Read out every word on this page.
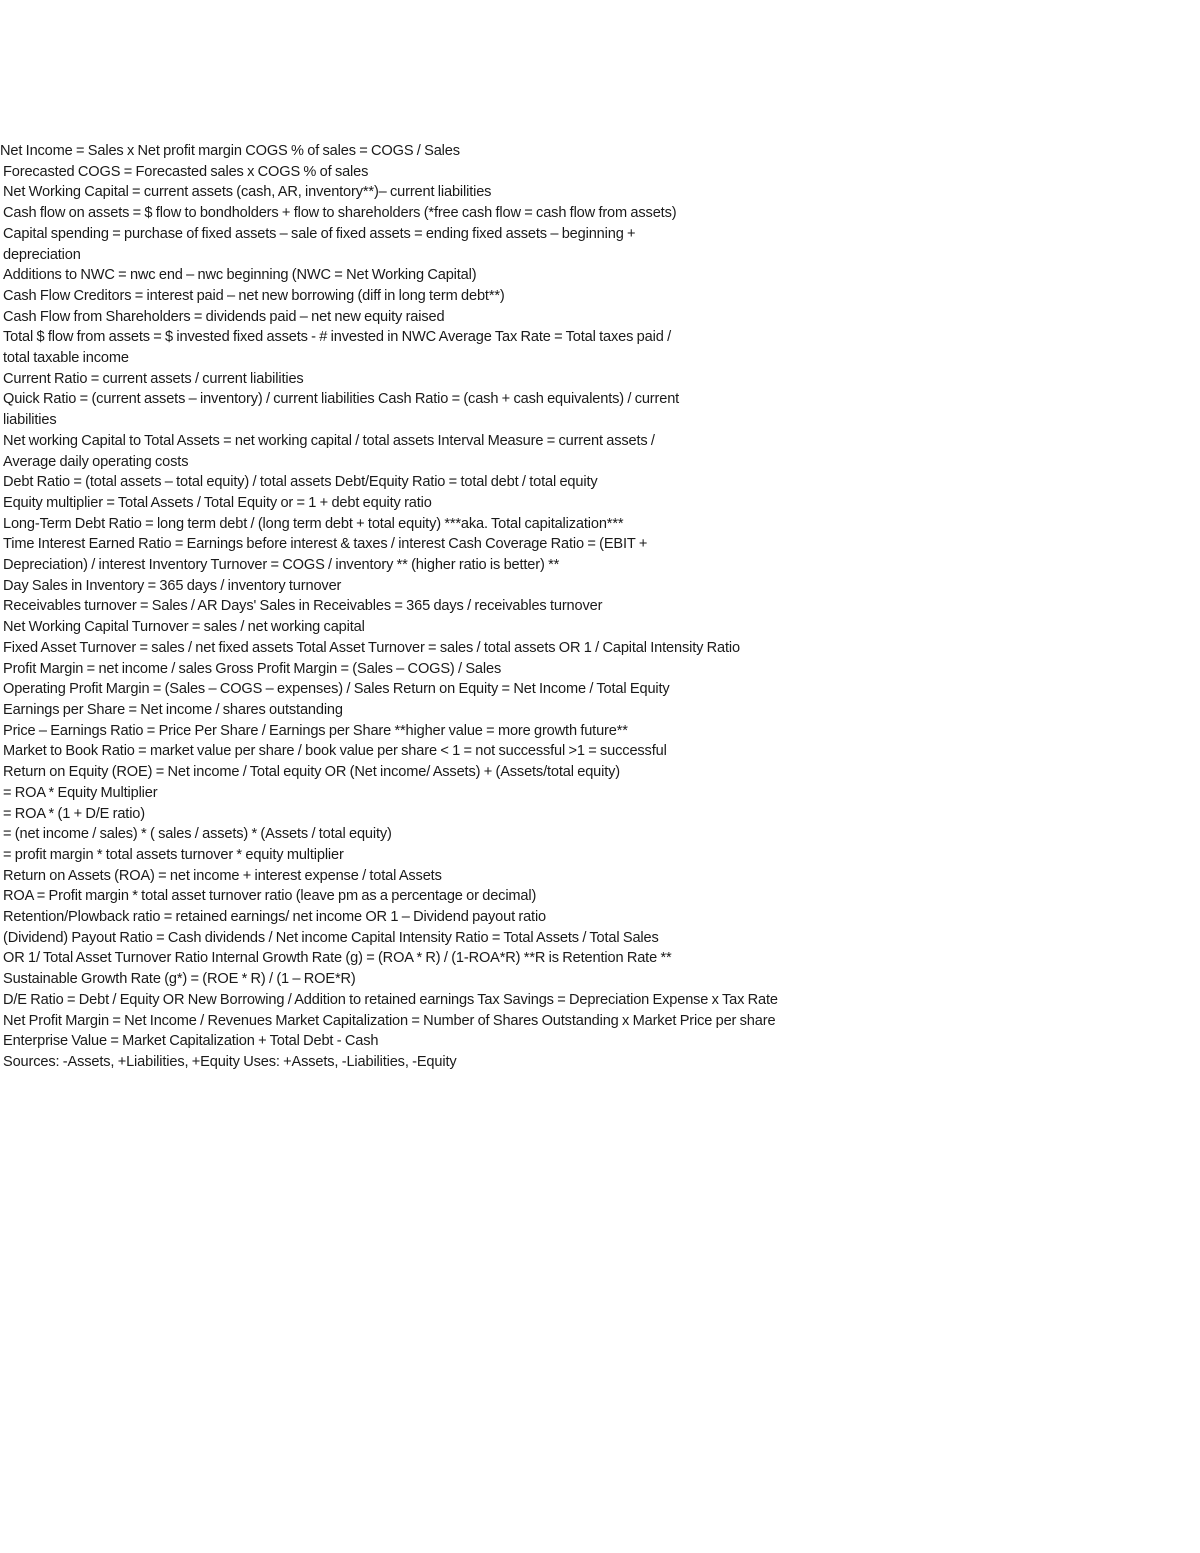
Net Income = Sales x Net profit margin COGS % of sales = COGS / Sales
Forecasted COGS = Forecasted sales x COGS % of sales
Net Working Capital = current assets (cash, AR, inventory**)– current liabilities
Cash flow on assets = $ flow to bondholders + flow to shareholders (*free cash flow = cash flow from assets)
Capital spending = purchase of fixed assets – sale of fixed assets = ending fixed assets – beginning +
depreciation
Additions to NWC = nwc end – nwc beginning (NWC = Net Working Capital)
Cash Flow Creditors = interest paid – net new borrowing (diff in long term debt**)
Cash Flow from Shareholders = dividends paid – net new equity raised
Total $ flow from assets = $ invested fixed assets - # invested in NWC Average Tax Rate = Total taxes paid /
total taxable income
Current Ratio = current assets / current liabilities
Quick Ratio = (current assets – inventory) / current liabilities Cash Ratio = (cash + cash equivalents) / current
liabilities
Net working Capital to Total Assets = net working capital / total assets Interval Measure = current assets /
Average daily operating costs
Debt Ratio = (total assets – total equity) / total assets Debt/Equity Ratio = total debt / total equity
Equity multiplier = Total Assets / Total Equity or = 1 + debt equity ratio
Long-Term Debt Ratio = long term debt / (long term debt + total equity) ***aka. Total capitalization***
Time Interest Earned Ratio = Earnings before interest & taxes / interest Cash Coverage Ratio = (EBIT +
Depreciation) / interest Inventory Turnover = COGS / inventory ** (higher ratio is better) **
Day Sales in Inventory = 365 days / inventory turnover
Receivables turnover = Sales / AR Days' Sales in Receivables = 365 days / receivables turnover
Net Working Capital Turnover = sales / net working capital
Fixed Asset Turnover = sales / net fixed assets Total Asset Turnover = sales / total assets OR 1 / Capital Intensity Ratio
Profit Margin = net income / sales Gross Profit Margin = (Sales – COGS) / Sales
Operating Profit Margin = (Sales – COGS – expenses) / Sales Return on Equity = Net Income / Total Equity
Earnings per Share = Net income / shares outstanding
Price – Earnings Ratio = Price Per Share / Earnings per Share **higher value = more growth future**
Market to Book Ratio = market value per share / book value per share < 1 = not successful >1 = successful
Return on Equity (ROE) = Net income / Total equity OR (Net income/ Assets) + (Assets/total equity)
= ROA * Equity Multiplier
= ROA * (1 + D/E ratio)
= (net income / sales) * ( sales / assets) * (Assets / total equity)
= profit margin * total assets turnover * equity multiplier
Return on Assets (ROA) = net income + interest expense / total Assets
ROA = Profit margin * total asset turnover ratio (leave pm as a percentage or decimal)
Retention/Plowback ratio = retained earnings/ net income OR 1 – Dividend payout ratio
(Dividend) Payout Ratio = Cash dividends / Net income Capital Intensity Ratio = Total Assets / Total Sales
OR 1/ Total Asset Turnover Ratio Internal Growth Rate (g) = (ROA * R) / (1-ROA*R) **R is Retention Rate **
Sustainable Growth Rate (g*) = (ROE * R) / (1 – ROE*R)
D/E Ratio = Debt / Equity OR New Borrowing / Addition to retained earnings Tax Savings = Depreciation Expense x Tax Rate
Net Profit Margin = Net Income / Revenues Market Capitalization = Number of Shares Outstanding x Market Price per share
Enterprise Value = Market Capitalization + Total Debt - Cash
Sources: -Assets, +Liabilities, +Equity Uses: +Assets, -Liabilities, -Equity
